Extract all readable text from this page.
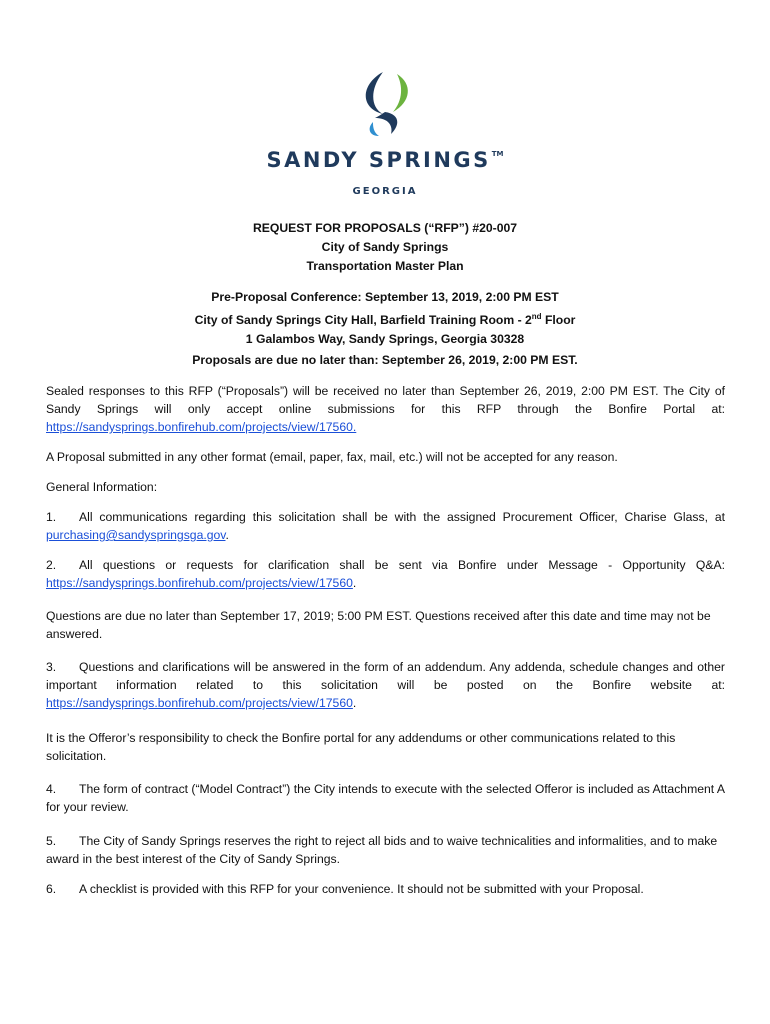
SANDY SPRINGS™
GEORGIA
REQUEST FOR PROPOSALS (“RFP”) #20-007
City of Sandy Springs
Transportation Master Plan
Pre-Proposal Conference: September 13, 2019, 2:00 PM EST
City of Sandy Springs City Hall, Barfield Training Room - 2nd Floor
1 Galambos Way, Sandy Springs, Georgia 30328
Proposals are due no later than: September 26, 2019, 2:00 PM EST.
Sealed responses to this RFP (“Proposals”) will be received no later than September 26, 2019, 2:00 PM EST. The City of Sandy Springs will only accept online submissions for this RFP through the Bonfire Portal at: https://sandysprings.bonfirehub.com/projects/view/17560.
A Proposal submitted in any other format (email, paper, fax, mail, etc.) will not be accepted for any reason.
General Information:
1. All communications regarding this solicitation shall be with the assigned Procurement Officer, Charise Glass, at purchasing@sandyspringsga.gov.
2. All questions or requests for clarification shall be sent via Bonfire under Message - Opportunity Q&A: https://sandysprings.bonfirehub.com/projects/view/17560.
Questions are due no later than September 17, 2019; 5:00 PM EST. Questions received after this date and time may not be answered.
3. Questions and clarifications will be answered in the form of an addendum. Any addenda, schedule changes and other important information related to this solicitation will be posted on the Bonfire website at: https://sandysprings.bonfirehub.com/projects/view/17560.
It is the Offeror’s responsibility to check the Bonfire portal for any addendums or other communications related to this solicitation.
4. The form of contract (“Model Contract”) the City intends to execute with the selected Offeror is included as Attachment A for your review.
5. The City of Sandy Springs reserves the right to reject all bids and to waive technicalities and informalities, and to make award in the best interest of the City of Sandy Springs.
6. A checklist is provided with this RFP for your convenience. It should not be submitted with your Proposal.
